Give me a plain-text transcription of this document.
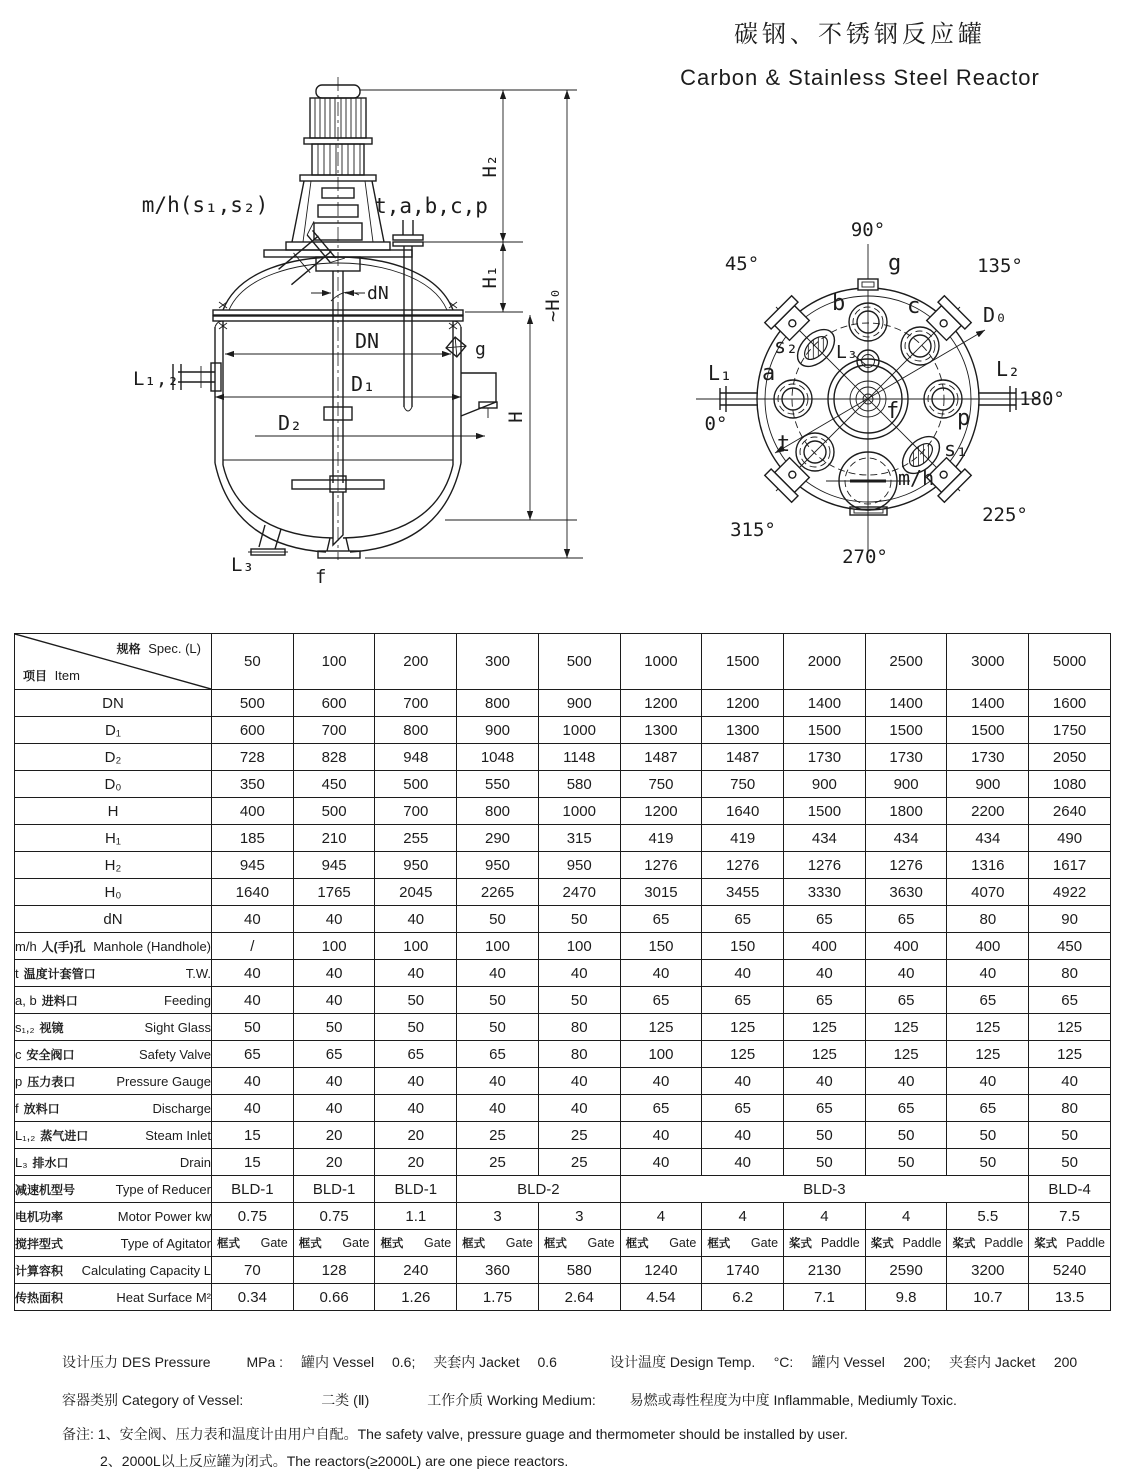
碳钢、不锈钢反应罐
Carbon & Stainless Steel Reactor
m/h(s₁,s₂)	t,a,b,c,p
H₂
H₁
H
~H₀
dN
DN
D₁
D₂
g
L₁,₂
L₃
f
90°
45°	135°
0°
180°
225°
315°
270°
g
b	c
s₂ L₃
D₀
a
f
L₁	L₂
p
t	s₁
m/h
规格 Spec. (L)
项目 Item	50	100	200	300	500	1000	1500	2000	2500	3000	5000

DN	500	600	700	800	900	1200	1200	1400	1400	1400	1600

D₁	600	700	800	900	1000	1300	1300	1500	1500	1500	1750

D₂	728	828	948	1048	1148	1487	1487	1730	1730	1730	2050

D₀	350	450	500	550	580	750	750	900	900	900	1080

H	400	500	700	800	1000	1200	1640	1500	1800	2200	2640

H₁	185	210	255	290	315	419	419	434	434	434	490

H₂	945	945	950	950	950	1276	1276	1276	1276	1316	1617

H₀	1640	1765	2045	2265	2470	3015	3455	3330	3630	4070	4922

dN	40	40	40	50	50	65	65	65	65	80	90

m/h 人(手)孔 Manhole (Handhole)	/	100	100	100	100	150	150	400	400	400	450

t 温度计套管口 T.W.	40	40	40	40	40	40	40	40	40	40	80

a, b 进料口 Feeding	40	40	50	50	50	65	65	65	65	65	65

s₁,₂ 视镜 Sight Glass	50	50	50	50	80	125	125	125	125	125	125

c 安全阀口 Safety Valve	65	65	65	65	80	100	125	125	125	125	125

p 压力表口 Pressure Gauge	40	40	40	40	40	40	40	40	40	40	40

f 放料口 Discharge	40	40	40	40	40	65	65	65	65	65	80

L₁,₂ 蒸气进口 Steam Inlet	15	20	20	25	25	40	40	50	50	50	50

L₃ 排水口 Drain	15	20	20	25	25	40	40	50	50	50	50

减速机型号 Type of Reducer	BLD-1	BLD-1	BLD-1	BLD-2		BLD-3					BLD-4

电机功率 Motor Power kw	0.75	0.75	1.1	3	3	4	4	4	4	5.5	7.5

搅拌型式 Type of Agitator	框式 Gate	框式 Gate	框式 Gate	框式 Gate	框式 Gate	框式 Gate	框式 Gate	桨式 Paddle	桨式 Paddle	桨式 Paddle	桨式 Paddle

计算容积 Calculating Capacity L	70	128	240	360	580	1240	1740	2130	2590	3200	5240

传热面积 Heat Surface M²	0.34	0.66	1.26	1.75	2.64	4.54	6.2	7.1	9.8	10.7	13.5
设计压力 DES Pressure	MPa : 罐内 Vessel 0.6; 夹套内 Jacket 0.6	设计温度 Design Temp. °C: 罐内 Vessel 200; 夹套内 Jacket 200
容器类别 Category of Vessel:	二类 (Ⅱ)	工作介质 Working Medium: 易燃或毒性程度为中度 Inflammable, Mediumly Toxic.
备注: 1、安全阀、压力表和温度计由用户自配。The safety valve, pressure guage and thermometer should be installed by user.
2、2000L以上反应罐为闭式。The reactors(≥2000L) are one piece reactors.
